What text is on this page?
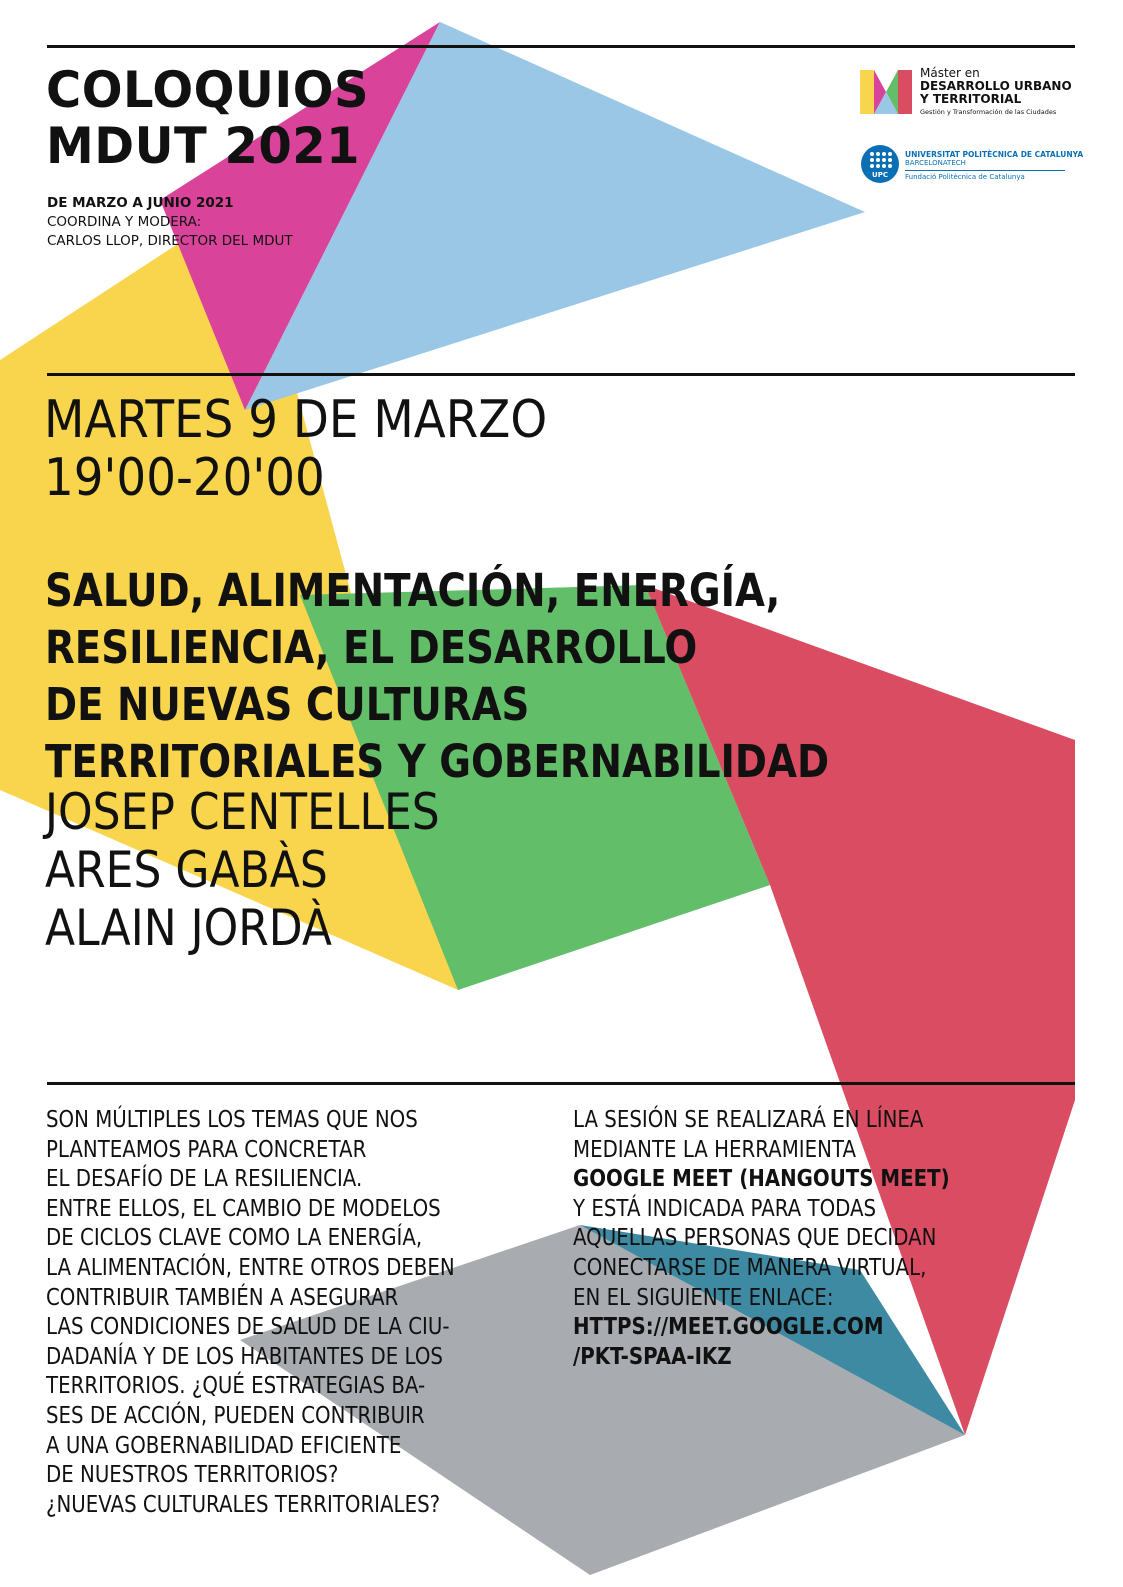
COLOQUIOS
MDUT 2021
DE MARZO A JUNIO 2021
COORDINA Y MODERA:
CARLOS LLOP, DIRECTOR DEL MDUT
Máster en
DESARROLLO URBANO
Y TERRITORIAL
Gestión y Transformación de las Ciudades
UPC
UNIVERSITAT POLITÈCNICA DE CATALUNYA
BARCELONATECH
Fundació Politècnica de Catalunya
MARTES 9 DE MARZO
19'00-20'00
SALUD, ALIMENTACIÓN, ENERGÍA,
RESILIENCIA, EL DESARROLLO
DE NUEVAS CULTURAS
TERRITORIALES Y GOBERNABILIDAD
JOSEP CENTELLES
ARES GABÀS
ALAIN JORDÀ
SON MÚLTIPLES LOS TEMAS QUE NOS
PLANTEAMOS PARA CONCRETAR
EL DESAFÍO DE LA RESILIENCIA.
ENTRE ELLOS, EL CAMBIO DE MODELOS
DE CICLOS CLAVE COMO LA ENERGÍA,
LA ALIMENTACIÓN, ENTRE OTROS DEBEN
CONTRIBUIR TAMBIÉN A ASEGURAR
LAS CONDICIONES DE SALUD DE LA CIU-
DADANÍA Y DE LOS HABITANTES DE LOS
TERRITORIOS. ¿QUÉ ESTRATEGIAS BA-
SES DE ACCIÓN, PUEDEN CONTRIBUIR
A UNA GOBERNABILIDAD EFICIENTE
DE NUESTROS TERRITORIOS?
¿NUEVAS CULTURALES TERRITORIALES?
LA SESIÓN SE REALIZARÁ EN LÍNEA
MEDIANTE LA HERRAMIENTA
GOOGLE MEET (HANGOUTS MEET)
Y ESTÁ INDICADA PARA TODAS
AQUELLAS PERSONAS QUE DECIDAN
CONECTARSE DE MANERA VIRTUAL,
EN EL SIGUIENTE ENLACE:
HTTPS://MEET.GOOGLE.COM
/PKT-SPAA-IKZ
